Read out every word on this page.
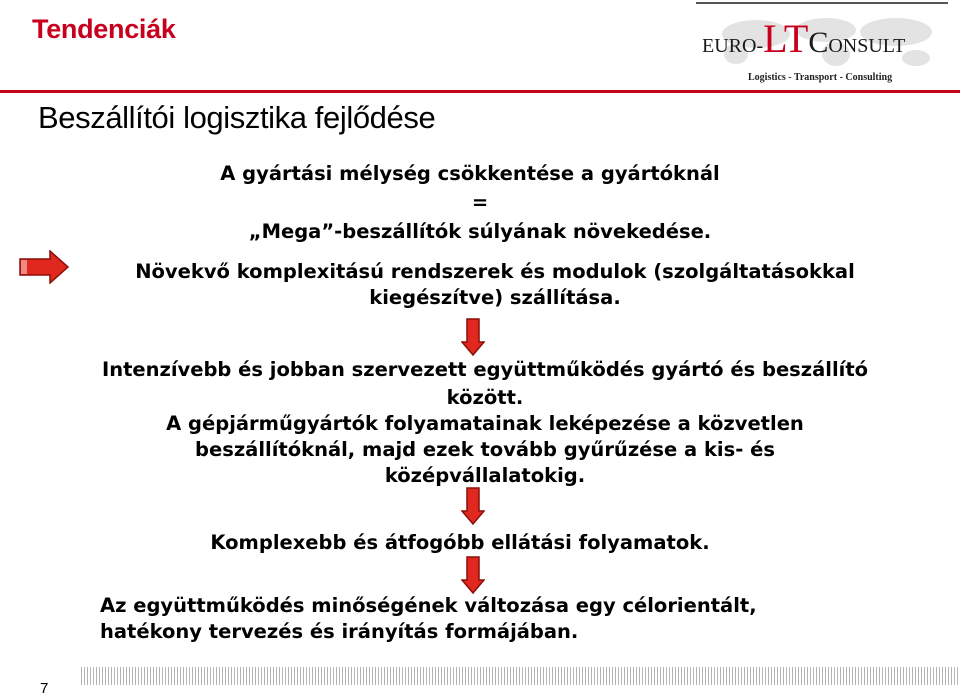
Tendenciák
EURO-LTCONSULT
Logistics - Transport - Consulting
Beszállítói logisztika fejlődése
A gyártási mélység csökkentése a gyártóknál
=
„Mega”-beszállítók súlyának növekedése.
Növekvő komplexitású rendszerek és modulok (szolgáltatásokkal
kiegészítve) szállítása.
Intenzívebb és jobban szervezett együttműködés gyártó és beszállító
között.
A gépjárműgyártók folyamatainak leképezése a közvetlen
beszállítóknál, majd ezek tovább gyűrűzése a kis- és
középvállalatokig.
Komplexebb és átfogóbb ellátási folyamatok.
Az együttműködés minőségének változása egy célorientált,
hatékony tervezés és irányítás formájában.
7
